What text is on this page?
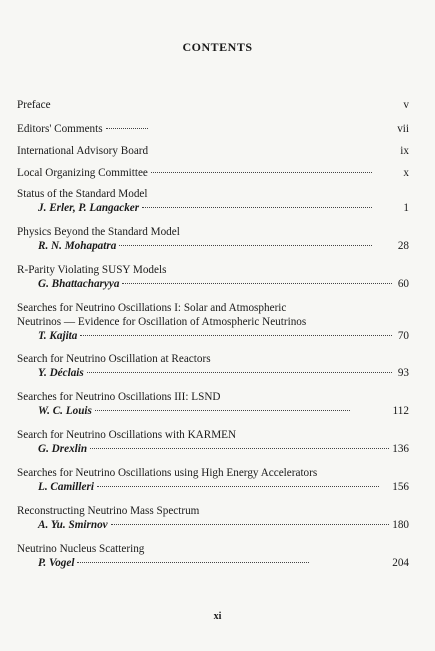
CONTENTS
Preface	v
Editors' Comments	vii
International Advisory Board	ix
Local Organizing Committee	x
Status of the Standard Model
J. Erler, P. Langacker	1
Physics Beyond the Standard Model
R. N. Mohapatra	28
R-Parity Violating SUSY Models
G. Bhattacharyya	60
Searches for Neutrino Oscillations I: Solar and Atmospheric
Neutrinos — Evidence for Oscillation of Atmospheric Neutrinos
T. Kajita	70
Search for Neutrino Oscillation at Reactors
Y. Déclais	93
Searches for Neutrino Oscillations III: LSND
W. C. Louis	112
Search for Neutrino Oscillations with KARMEN
G. Drexlin	136
Searches for Neutrino Oscillations using High Energy Accelerators
L. Camilleri	156
Reconstructing Neutrino Mass Spectrum
A. Yu. Smirnov	180
Neutrino Nucleus Scattering
P. Vogel	204
xi
